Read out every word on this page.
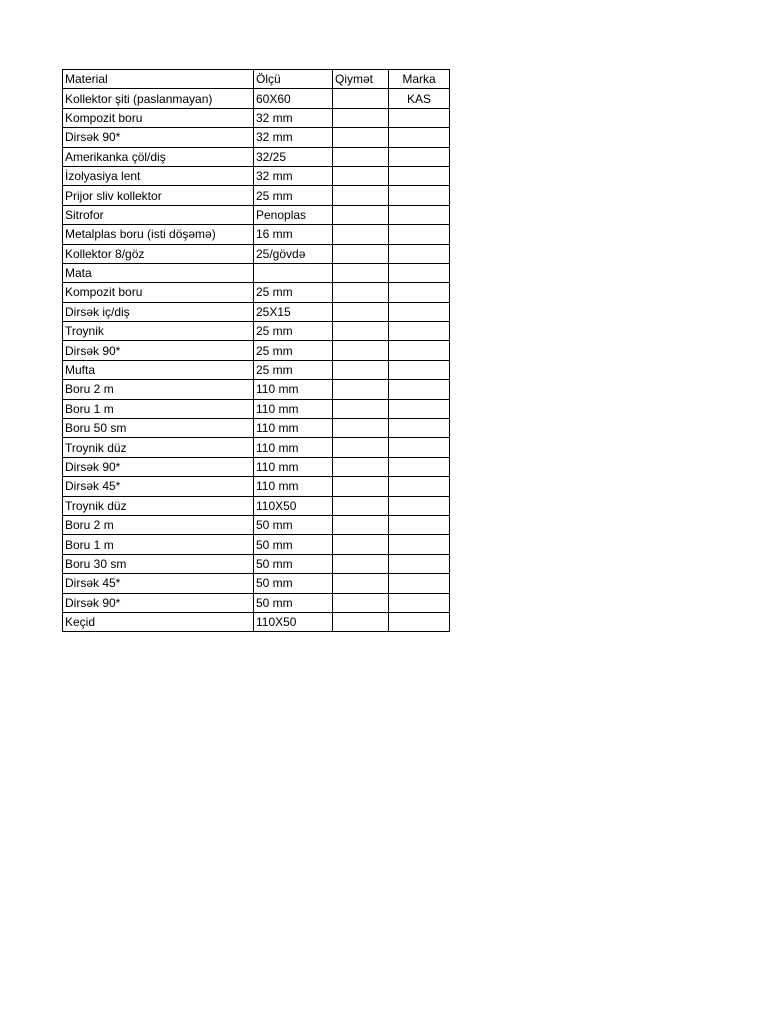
Material	Ölçü	Qiymət	Marka
Kollektor şiti (paslanmayan)	60X60		KAS
Kompozit boru	32 mm		
Dirsək 90*	32 mm		
Amerikanka çöl/diş	32/25		
İzolyasiya lent	32 mm		
Prijor sliv kollektor	25 mm		
Sitrofor	Penoplas		
Metalplas boru (isti döşəmə)	16 mm		
Kollektor 8/göz	25/gövdə		
Mata			
Kompozit boru	25 mm		
Dirsək iç/diş	25X15		
Troynik	25 mm		
Dirsək 90*	25 mm		
Mufta	25 mm		
Boru 2 m	110 mm		
Boru 1 m	110 mm		
Boru 50 sm	110 mm		
Troynik düz	110 mm		
Dirsək 90*	110 mm		
Dirsək 45*	110 mm		
Troynik düz	110X50		
Boru 2 m	50 mm		
Boru 1 m	50 mm		
Boru 30 sm	50 mm		
Dirsək 45*	50 mm		
Dirsək 90*	50 mm		
Keçid	110X50		
